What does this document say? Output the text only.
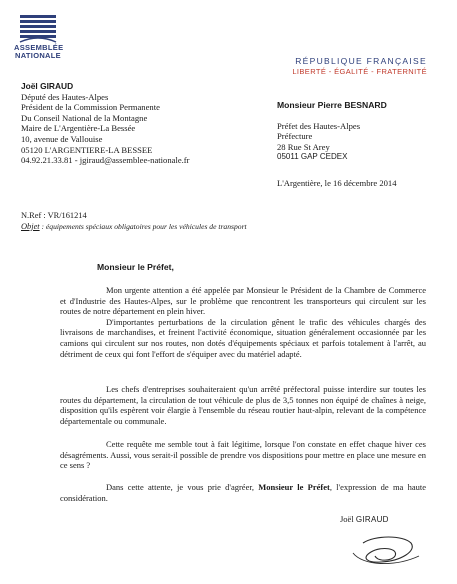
ASSEMBLÉE
NATIONALE
RÉPUBLIQUE FRANÇAISE
LIBERTÉ - ÉGALITÉ - FRATERNITÉ
Joël GIRAUD
Député des Hautes-Alpes
Président de la Commission Permanente
Du Conseil National de la Montagne
Maire de L'Argentière-La Bessée
10, avenue de Vallouise
05120 L'ARGENTIERE-LA BESSEE
04.92.21.33.81 - jgiraud@assemblee-nationale.fr
Monsieur Pierre BESNARD
Préfet des Hautes-Alpes
Préfecture
28 Rue St Arey
05011 GAP CEDEX
L'Argentière, le 16 décembre 2014
N.Ref : VR/161214
Objet : équipements spéciaux obligatoires pour les véhicules de transport
Monsieur le Préfet,

Mon urgente attention a été appelée par Monsieur le Président de la Chambre de Commerce et d'Industrie des Hautes-Alpes, sur le problème que rencontrent les transporteurs qui circulent sur les routes de notre département en plein hiver.

D'importantes perturbations de la circulation gênent le trafic des véhicules chargés des livraisons de marchandises, et freinent l'activité économique, situation généralement occasionnée par les camions qui circulent sur nos routes, non dotés d'équipements spéciaux et parfois totalement à l'arrêt, au détriment de ceux qui font l'effort de s'équiper avec du matériel adapté.

Les chefs d'entreprises souhaiteraient qu'un arrêté préfectoral puisse interdire sur toutes les routes du département, la circulation de tout véhicule de plus de 3,5 tonnes non équipé de chaînes à neige, disposition qu'ils espèrent voir élargie à l'ensemble du réseau routier haut-alpin, relevant de la compétence départementale ou communale.

Cette requête me semble tout à fait légitime, lorsque l'on constate en effet chaque hiver ces désagréments. Aussi, vous serait-il possible de prendre vos dispositions pour mettre en place une mesure en ce sens ?

Dans cette attente, je vous prie d'agréer, Monsieur le Préfet, l'expression de ma haute considération.

Joël GIRAUD
